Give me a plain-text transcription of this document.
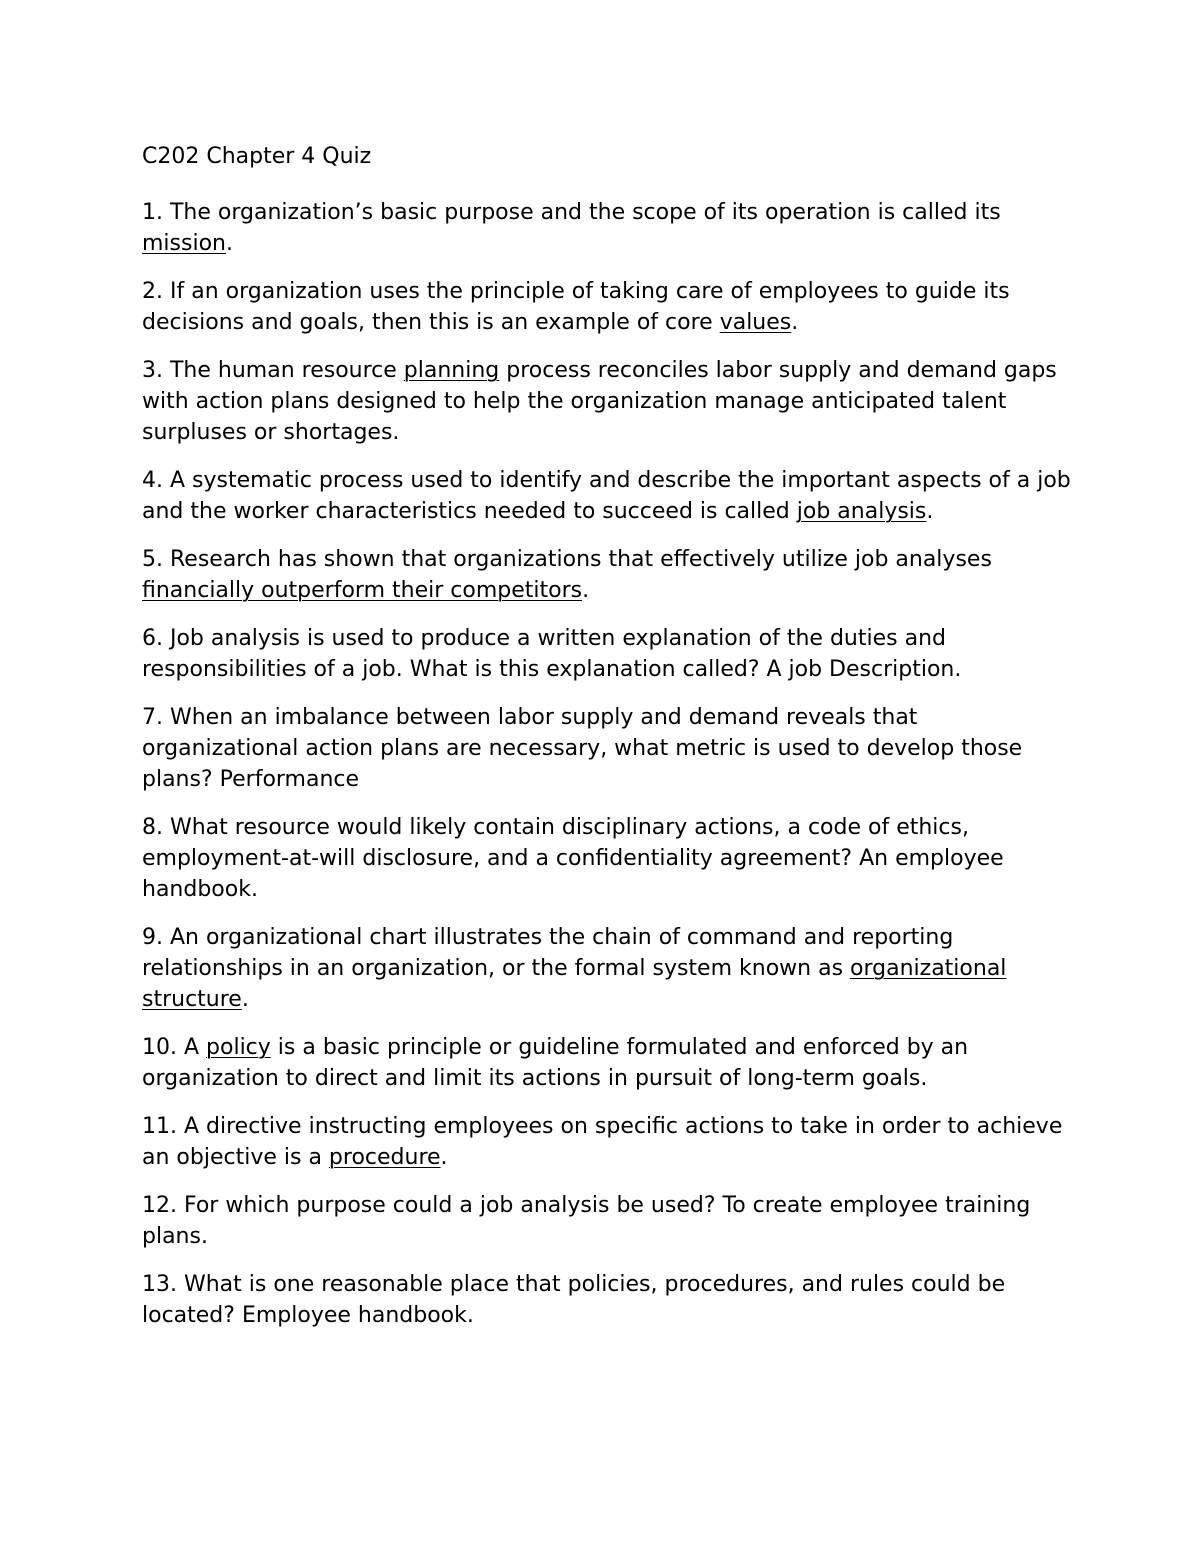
C202 Chapter 4 Quiz

1. The organization’s basic purpose and the scope of its operation is called its mission.

2. If an organization uses the principle of taking care of employees to guide its decisions and goals, then this is an example of core values.

3. The human resource planning process reconciles labor supply and demand gaps with action plans designed to help the organization manage anticipated talent surpluses or shortages.

4. A systematic process used to identify and describe the important aspects of a job and the worker characteristics needed to succeed is called job analysis.

5. Research has shown that organizations that effectively utilize job analyses financially outperform their competitors.

6. Job analysis is used to produce a written explanation of the duties and responsibilities of a job. What is this explanation called? A job Description.

7. When an imbalance between labor supply and demand reveals that organizational action plans are necessary, what metric is used to develop those plans? Performance

8. What resource would likely contain disciplinary actions, a code of ethics, employment-at-will disclosure, and a confidentiality agreement? An employee handbook.

9. An organizational chart illustrates the chain of command and reporting relationships in an organization, or the formal system known as organizational structure.

10. A policy is a basic principle or guideline formulated and enforced by an organization to direct and limit its actions in pursuit of long-term goals.

11. A directive instructing employees on specific actions to take in order to achieve an objective is a procedure.

12. For which purpose could a job analysis be used? To create employee training plans.

13. What is one reasonable place that policies, procedures, and rules could be located? Employee handbook.
